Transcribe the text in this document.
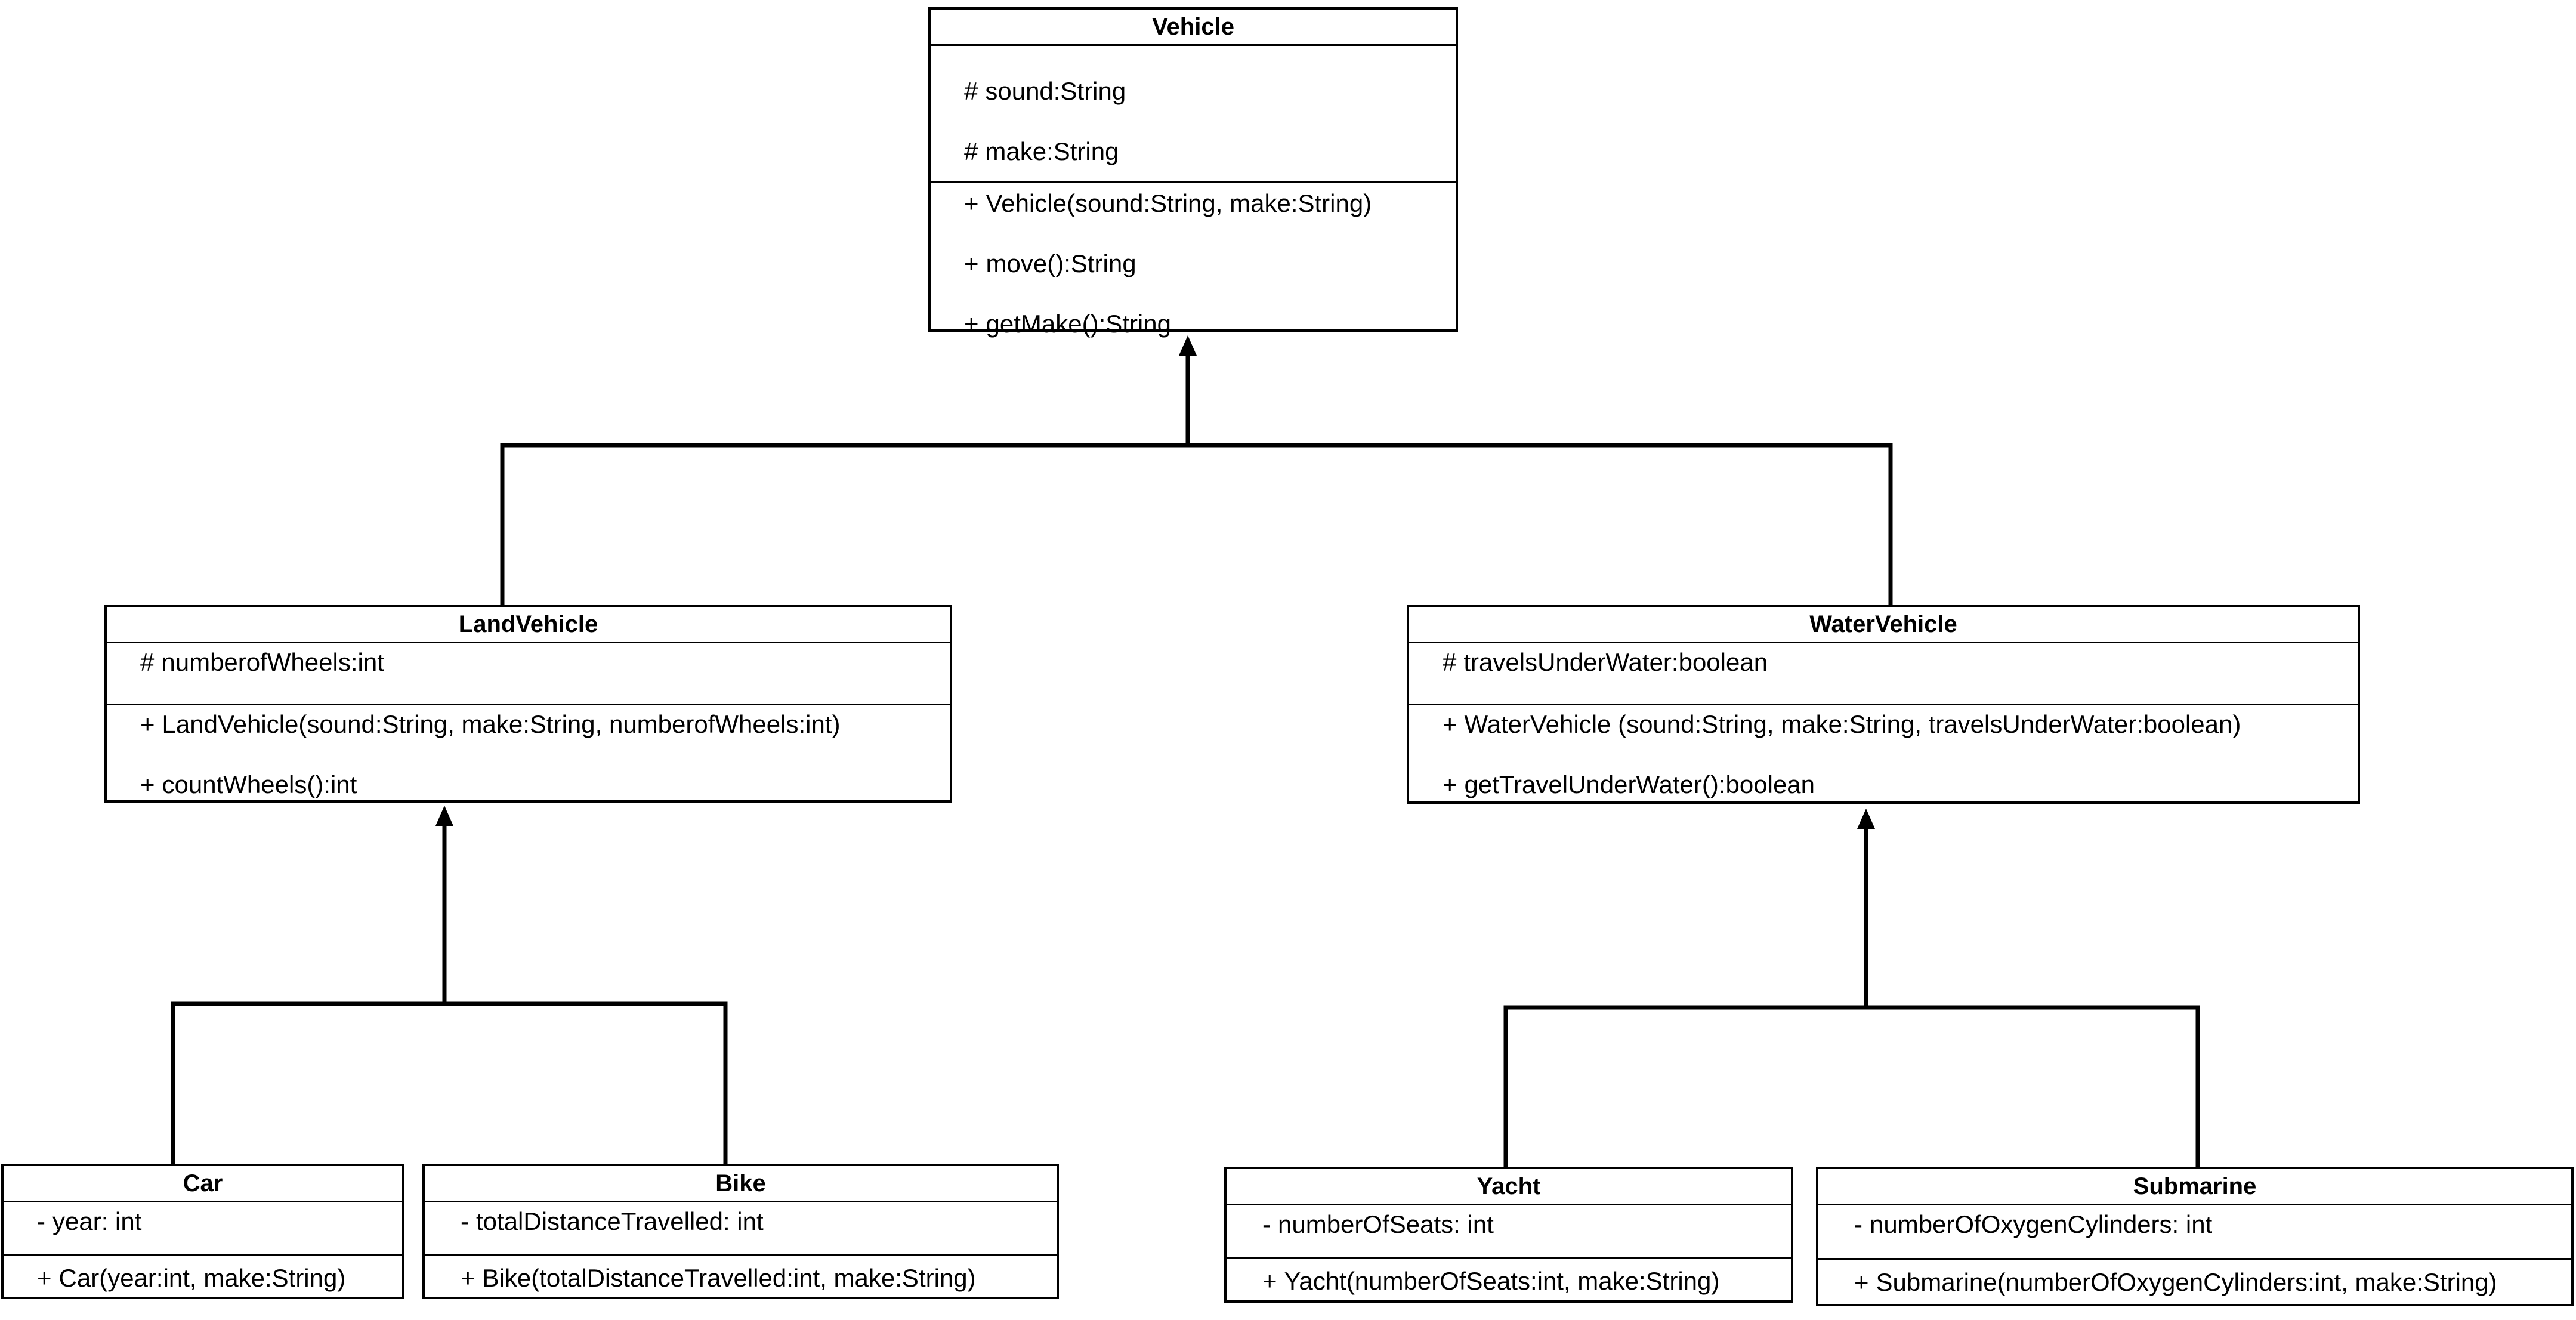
Vehicle
# sound:String
# make:String
+ Vehicle(sound:String, make:String)
+ move():String
+ getMake():String
LandVehicle
# numberofWheels:int
+ LandVehicle(sound:String, make:String, numberofWheels:int)
+ countWheels():int
WaterVehicle
# travelsUnderWater:boolean
+ WaterVehicle (sound:String, make:String, travelsUnderWater:boolean)
+ getTravelUnderWater():boolean
Car
- year: int
+ Car(year:int, make:String)
Bike
- totalDistanceTravelled: int
+ Bike(totalDistanceTravelled:int, make:String)
Yacht
- numberOfSeats: int
+ Yacht(numberOfSeats:int, make:String)
Submarine
- numberOfOxygenCylinders: int
+ Submarine(numberOfOxygenCylinders:int, make:String)
